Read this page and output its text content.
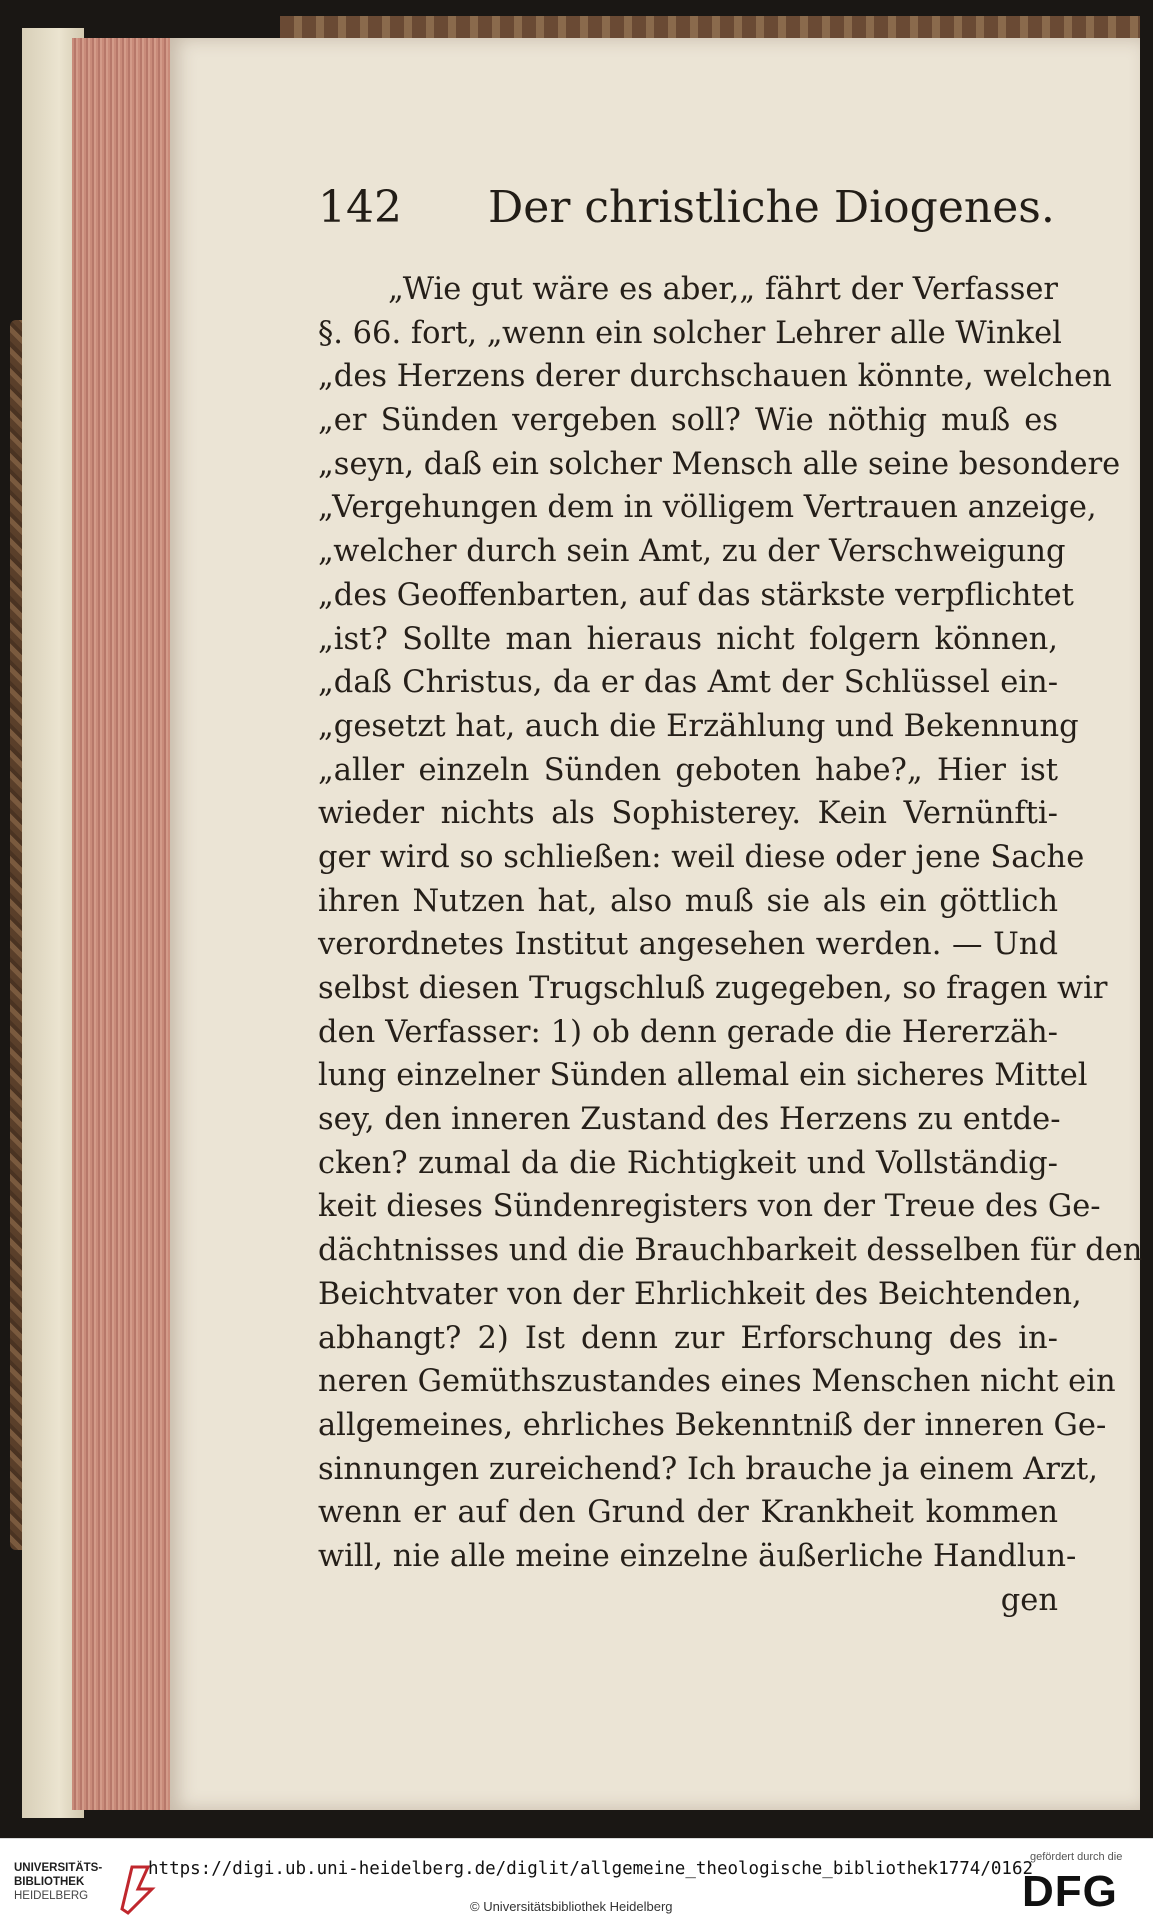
142 Der christliche Diogenes.
„Wie gut wäre es aber,„ fährt der Verfasser
§. 66. fort, „wenn ein solcher Lehrer alle Winkel
„des Herzens derer durchschauen könnte, welchen
„er Sünden vergeben soll? Wie nöthig muß es
„seyn, daß ein solcher Mensch alle seine besondere
„Vergehungen dem in völligem Vertrauen anzeige,
„welcher durch sein Amt, zu der Verschweigung
„des Geoffenbarten, auf das stärkste verpflichtet
„ist? Sollte man hieraus nicht folgern können,
„daß Christus, da er das Amt der Schlüssel ein-
„gesetzt hat, auch die Erzählung und Bekennung
„aller einzeln Sünden geboten habe?„ Hier ist
wieder nichts als Sophisterey. Kein Vernünfti-
ger wird so schließen: weil diese oder jene Sache
ihren Nutzen hat, also muß sie als ein göttlich
verordnetes Institut angesehen werden. — Und
selbst diesen Trugschluß zugegeben, so fragen wir
den Verfasser: 1) ob denn gerade die Hererzäh-
lung einzelner Sünden allemal ein sicheres Mittel
sey, den inneren Zustand des Herzens zu entde-
cken? zumal da die Richtigkeit und Vollständig-
keit dieses Sündenregisters von der Treue des Ge-
dächtnisses und die Brauchbarkeit desselben für den
Beichtvater von der Ehrlichkeit des Beichtenden,
abhangt? 2) Ist denn zur Erforschung des in-
neren Gemüthszustandes eines Menschen nicht ein
allgemeines, ehrliches Bekenntniß der inneren Ge-
sinnungen zureichend? Ich brauche ja einem Arzt,
wenn er auf den Grund der Krankheit kommen
will, nie alle meine einzelne äußerliche Handlun-
gen
UNIVERSITÄTS-
BIBLIOTHEK
HEIDELBERG
https://digi.ub.uni-heidelberg.de/diglit/allgemeine_theologische_bibliothek1774/0162
© Universitätsbibliothek Heidelberg
gefördert durch die
DFG
